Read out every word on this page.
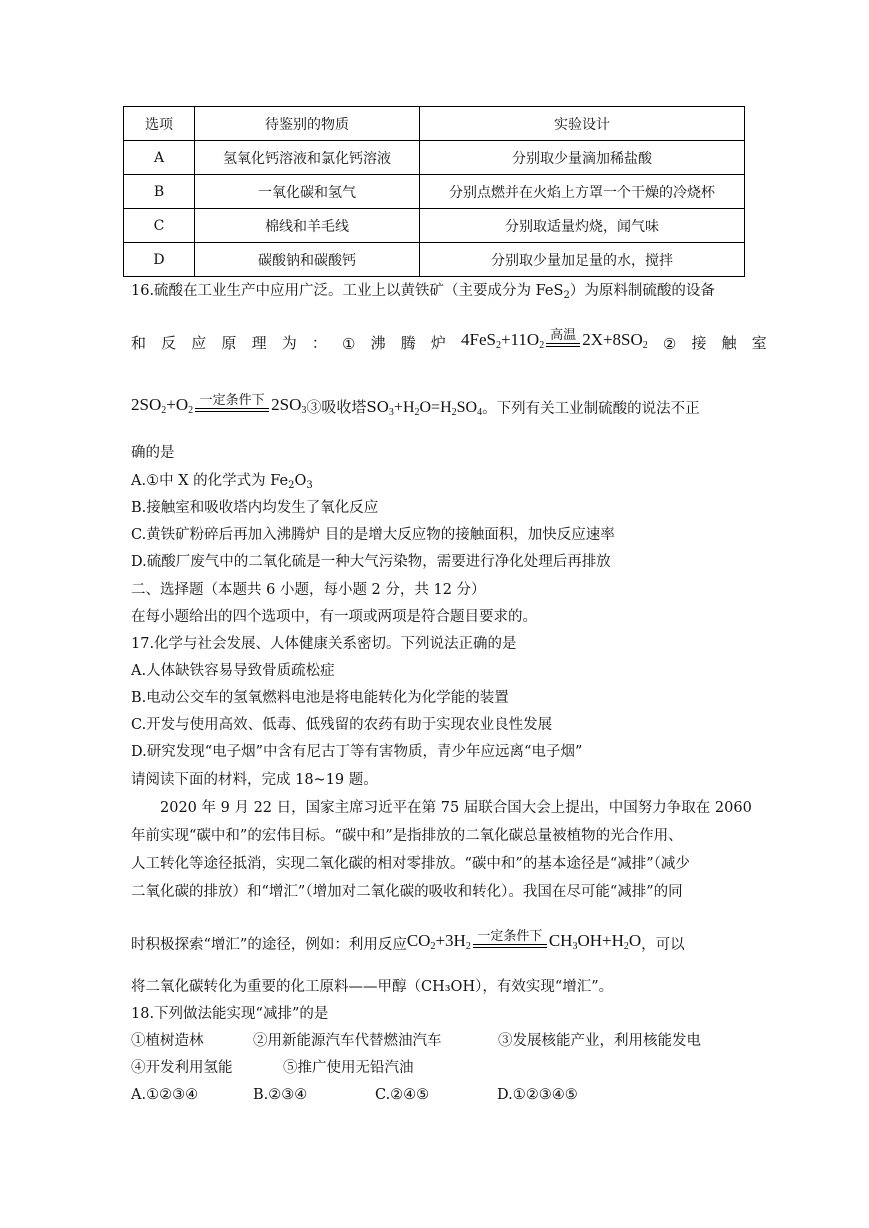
选项	待鉴别的物质	实验设计
A	氢氧化钙溶液和氯化钙溶液	分别取少量滴加稀盐酸
B	一氧化碳和氢气	分别点燃并在火焰上方罩一个干燥的冷烧杯
C	棉线和羊毛线	分别取适量灼烧，闻气味
D	碳酸钠和碳酸钙	分别取少量加足量的水，搅拌
16.硫酸在工业生产中应用广泛。工业上以黄铁矿（主要成分为 FeS$_2$）为原料制硫酸的设备
和 反 应 原 理 为 ： ① 沸 腾 炉 $4FeS_2+11O_2$
高温 $2X+8SO_2$ ② 接 触 室
$2SO_2+O_2$
一定条件下 $2SO_3$ ③吸收塔$SO_3+H_2O=H_2SO_4$ 。下列有关工业制硫酸的说法不正
确的是
A.①中 X 的化学式为 $Fe_2O_3$
B.接触室和吸收塔内均发生了氧化反应
C.黄铁矿粉碎后再加入沸腾炉 目的是增大反应物的接触面积，加快反应速率
D.硫酸厂废气中的二氧化硫是一种大气污染物，需要进行净化处理后再排放
二、选择题（本题共 6 小题，每小题 2 分，共 12 分）
在每小题给出的四个选项中，有一项或两项是符合题目要求的。
17.化学与社会发展、人体健康关系密切。下列说法正确的是
A.人体缺铁容易导致骨质疏松症
B.电动公交车的氢氧燃料电池是将电能转化为化学能的装置
C.开发与使用高效、低毒、低残留的农药有助于实现农业良性发展
D.研究发现“电子烟”中含有尼古丁等有害物质，青少年应远离“电子烟”
请阅读下面的材料，完成 18~19 题。
2020 年 9 月 22 日，国家主席习近平在第 75 届联合国大会上提出，中国努力争取在 2060
年前实现“碳中和”的宏伟目标。“碳中和”是指排放的二氧化碳总量被植物的光合作用、
人工转化等途径抵消，实现二氧化碳的相对零排放。“碳中和”的基本途径是“减排”（减少
二氧化碳的排放）和“增汇”（增加对二氧化碳的吸收和转化）。我国在尽可能“减排”的同
时积极探索“增汇”的途径，例如：利用反应 $CO_2+3H_2$
一定条件下 $CH_3OH+H_2O$ ，可以
将二氧化碳转化为重要的化工原料——甲醇（CH₃OH），有效实现“增汇”。
18.下列做法能实现“减排”的是
①植树造林	②用新能源汽车代替燃油汽车	③发展核能产业，利用核能发电
④开发利用氢能	⑤推广使用无铅汽油
A.①②③④	B.②③④	C.②④⑤	D.①②③④⑤
